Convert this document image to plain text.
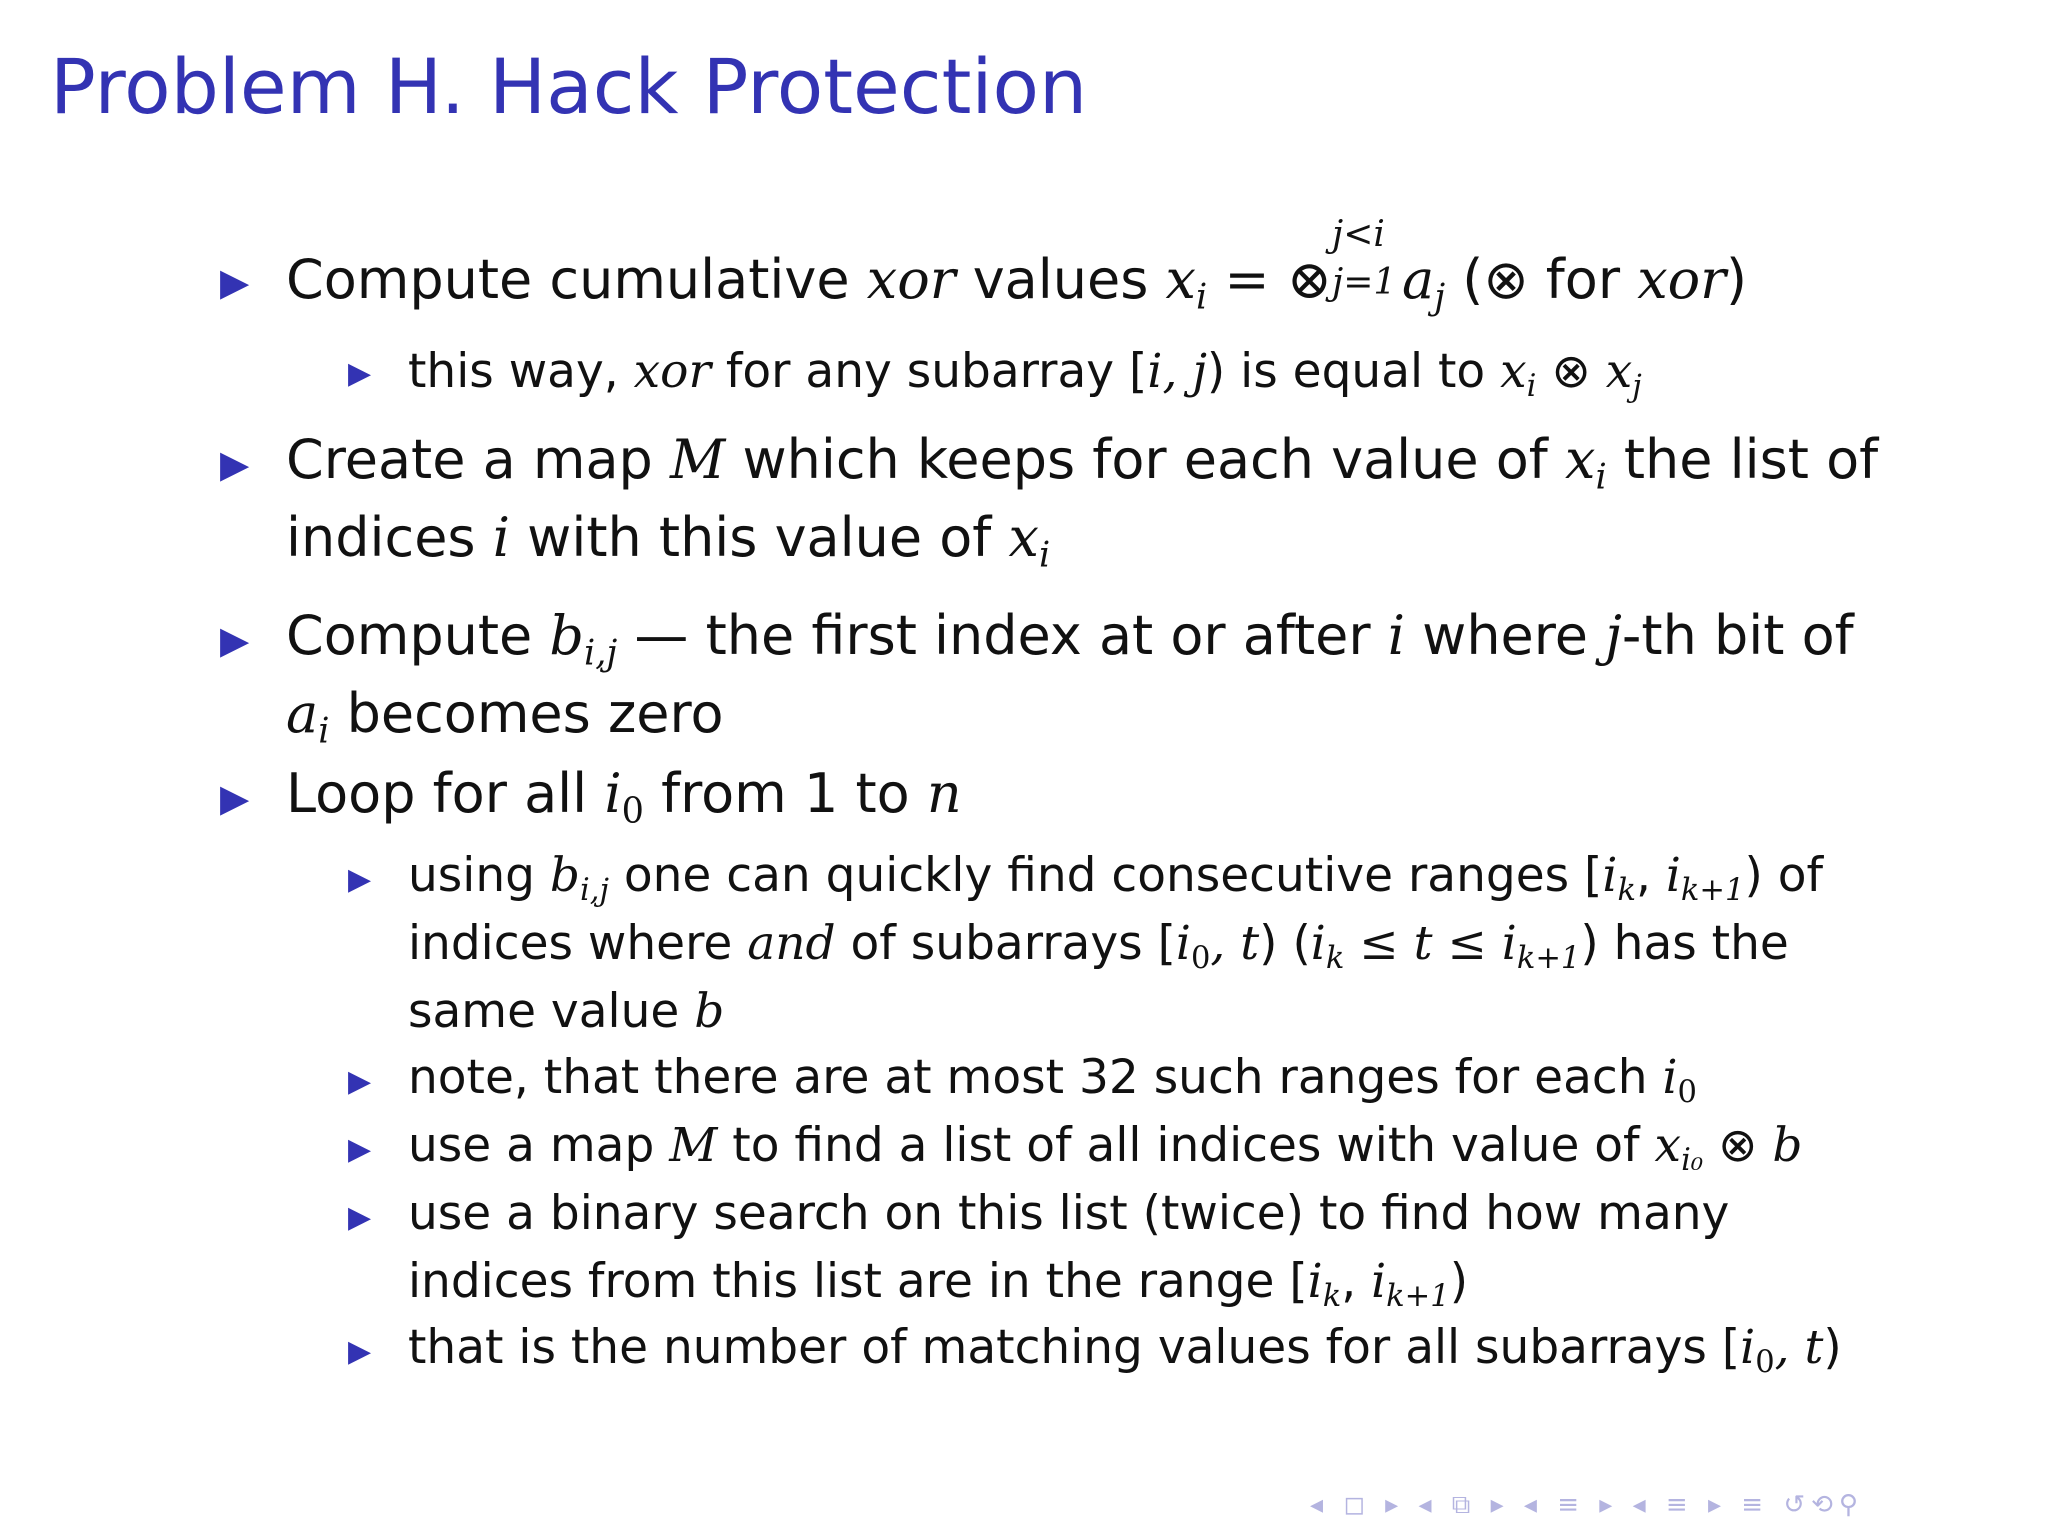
Problem H. Hack Protection
▶ Compute cumulative xor values $x_i$ = ⊗
j<i
j=1 $a_j$ (⊗ for xor)
▶ this way, xor for any subarray [i, j) is equal to $x_i$ ⊗ $x_j$
▶ Create a map M which keeps for each value of $x_i$ the list of
indices i with this value of $x_i$
▶ Compute $b_{i,j}$ — the first index at or after i where j-th bit of
$a_i$ becomes zero
▶ Loop for all $i_0$ from 1 to n
▶ using $b_{i,j}$ one can quickly find consecutive ranges [$i_k$, $i_{k+1}$) of
indices where and of subarrays [$i_0$, t) $(i_k \le t \le i_{k+1})$ has the
same value b
▶ note, that there are at most 32 such ranges for each $i_0$
▶ use a map M to find a list of all indices with value of $x_{i_0}$ ⊗ b
▶ use a binary search on this list (twice) to find how many
indices from this list are in the range [$i_k$, $i_{k+1}$)
▶ that is the number of matching values for all subarrays [$i_0$, t)
◂ ◻ ▸ ◂ ⧉ ▸ ◂ ≡ ▸ ◂ ≡ ▸ ≡ ↺⟲⚲
